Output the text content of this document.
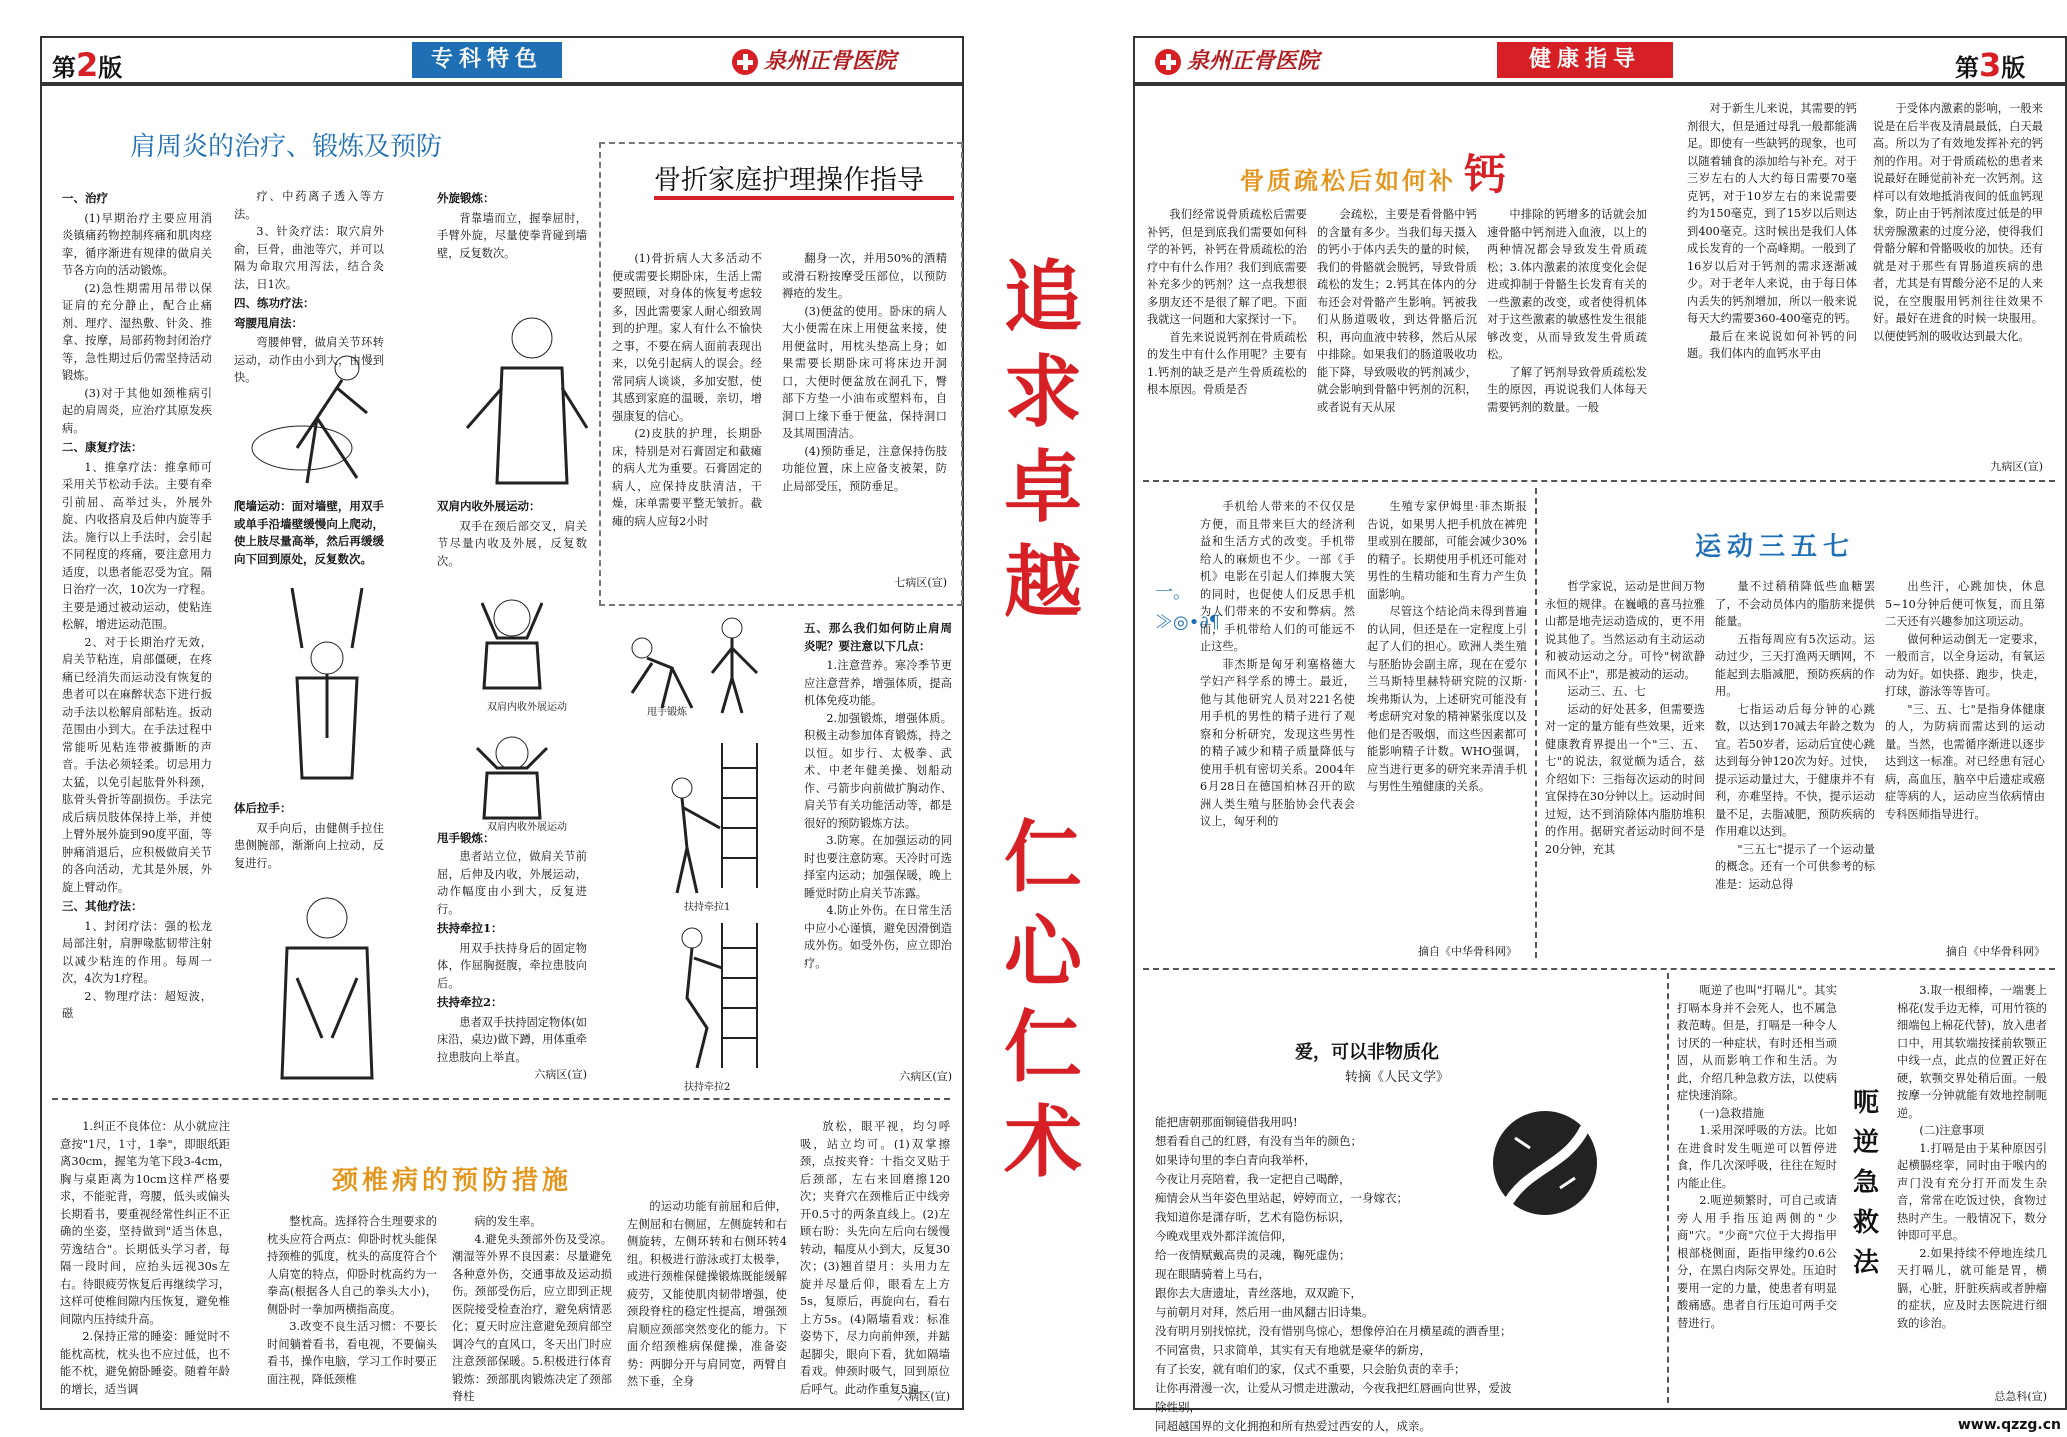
第2版	专科特色	泉州正骨医院
肩周炎的治疗、锻炼及预防
一、治疗

(1)早期治疗主要应用消炎镇痛药物控制疼痛和肌肉痉挛，循序渐进有规律的做肩关节各方向的活动锻炼。

(2)急性期需用吊带以保证肩的充分静止，配合止痛剂、理疗、湿热敷、针灸、推拿、按摩，局部药物封闭治疗等，急性期过后仍需坚持活动锻炼。

(3)对于其他如颈椎病引起的肩周炎，应治疗其原发疾病。

二、康复疗法：

1、推拿疗法：推拿师可采用关节松动手法。主要有牵引前屈、高举过头，外展外旋、内收搭肩及后伸内旋等手法。施行以上手法时，会引起不同程度的疼痛，要注意用力适度，以患者能忍受为宜。隔日治疗一次，10次为一疗程。主要是通过被动运动，使粘连松解，增进运动范围。

2、对于长期治疗无效，肩关节粘连，肩部僵硬，在疼痛已经消失而运动没有恢复的患者可以在麻醉状态下进行扳动手法以松解肩部粘连。扳动范围由小到大。在手法过程中常能听见粘连带被撕断的声音。手法必须轻柔。切忌用力太猛，以免引起肱骨外科颈，肱骨头骨折等副损伤。手法完成后病员肢体保持上举，并使上臂外展外旋到90度平面，等肿痛消退后，应积极做肩关节的各向活动，尤其是外展，外旋上臂动作。

三、其他疗法：

1、封闭疗法：强的松龙局部注射，肩胛喙肱韧带注射以减少粘连的作用。每周一次，4次为1疗程。

2、物理疗法：超短波，磁

疗、中药离子透入等方法。

3、针灸疗法：取穴肩外俞，巨骨，曲池等穴，并可以隔为命取穴用泻法，结合灸法，日1次。

四、练功疗法：
弯腰甩肩法：

弯腰伸臂，做肩关节环转运动，动作由小到大，由慢到快。

爬墙运动：面对墙壁，用双手或单手沿墙壁缓慢向上爬动，使上肢尽量高举，然后再缓缓向下回到原处，反复数次。
体后拉手：

双手向后，由健侧手拉住患侧腕部，渐渐向上拉动，反复进行。

外旋锻炼：

背靠墙而立，握拳屈肘，手臂外旋，尽量使拳背碰到墙壁，反复数次。

双肩内收外展运动：

双手在颈后部交叉，肩关节尽量内收及外展，反复数次。

甩手锻炼：

患者站立位，做肩关节前屈，后伸及内收，外展运动，动作幅度由小到大，反复进行。

扶持牵拉1：

用双手扶持身后的固定物体，作屈胸挺腹，牵拉患肢向后。

扶持牵拉2：

患者双手扶持固定物体(如床沿，桌边)做下蹲，用体重牵拉患肢向上举直。

六病区(宣)
双肩内收外展运动
双肩内收外展运动
骨折家庭护理操作指导

(1)骨折病人大多活动不便或需要长期卧床，生活上需要照顾，对身体的恢复考虑较多，因此需要家人耐心细致周到的护理。家人有什么不愉快之事，不要在病人面前表现出来，以免引起病人的误会。经常同病人谈谈，多加安慰，使其感到家庭的温暖，亲切，增强康复的信心。

(2)皮肤的护理，长期卧床，特别是对石膏固定和截瘫的病人尤为重要。石膏固定的病人，应保持皮肤清洁，干燥，床单需要平整无皱折。截瘫的病人应每2小时

翻身一次，并用50%的酒精或滑石粉按摩受压部位，以预防褥疮的发生。

(3)便盆的使用。卧床的病人大小便需在床上用便盆来接，使用便盆时，用枕头垫高上身；如果需要长期卧床可将床边开洞口，大便时便盆放在洞孔下，臀部下方垫一小油布或塑料布，自洞口上缘下垂于便盆，保持洞口及其周围清洁。

(4)预防垂足，注意保持伤肢功能位置，床上应备支被架，防止局部受压，预防垂足。

七病区(宣)
甩手锻炼
扶持牵拉1
扶持牵拉2
五、那么我们如何防止肩周炎呢？要注意以下几点：

1.注意营养。寒冷季节更应注意营养，增强体质，提高机体免疫功能。

2.加强锻炼，增强体质。积极主动参加体育锻炼，持之以恒。如步行、太极拳、武术、中老年健美操、划船动作、弓箭步向前做扩胸动作、肩关节有关功能活动等，都是很好的预防锻炼方法。

3.防寒。在加强运动的同时也要注意防寒。天冷时可选择室内运动；加强保暖，晚上睡觉时防止肩关节冻露。

4.防止外伤。在日常生活中应小心谨慎，避免因滑倒造成外伤。如受外伤，应立即治疗。

六病区(宣)
颈椎病的预防措施

1.纠正不良体位：从小就应注意按"1尺，1寸，1拳"，即眼纸距离30cm，握笔为笔下段3-4cm，胸与桌距离为10cm这样严格要求，不能驼背，弯腰，低头或偏头长期看书，要重视经常性纠正不正确的坐姿，坚持做到"适当休息，劳逸结合"。长期低头学习者，每隔一段时间，应抬头远视30s左右。待眼疲劳恢复后再继续学习，这样可使椎间隙内压恢复，避免椎间隙内压持续升高。

2.保持正常的睡姿：睡觉时不能枕高枕，枕头也不应过低，也不能不枕，避免俯卧睡姿。随着年龄的增长，适当调

整枕高。选择符合生理要求的枕头应符合两点：仰卧时枕头能保持颈椎的弧度，枕头的高度符合个人肩宽的特点，仰卧时枕高约为一拳高(根据各人自己的拳头大小)，侧卧时一拳加两横指高度。

3.改变不良生活习惯：不要长时间躺着看书，看电视，不要偏头看书，操作电脑，学习工作时要正面注视，降低颈椎

病的发生率。

4.避免头颈部外伤及受凉。潮湿等外界不良因素：尽量避免各种意外伤，交通事故及运动损伤。颈部受伤后，应立即到正规医院接受检查治疗，避免病情恶化；夏天时应注意避免颈肩部空调冷气的直风口，冬天出门时应注意颈部保暖。5.积极进行体育锻炼：颈部肌肉锻炼决定了颈部脊柱

的运动功能有前屈和后伸，左侧屈和右侧屈，左侧旋转和右侧旋转，左侧环转和右侧环转4组。积极进行游泳或打太极拳，或进行颈椎保健操锻炼既能缓解疲劳，又能使肌肉韧带增强，使颈段脊柱的稳定性提高，增强颈肩顺应颈部突然变化的能力。下面介绍颈椎病保健操，准备姿势：两脚分开与肩同宽，两臂自然下垂，全身

放松，眼平视，均匀呼吸，站立均可。(1)双掌擦颈，点按夹脊：十指交叉贴于后颈部，左右来回磨擦120次；夹脊穴在颈椎后正中线旁开0.5寸的两条直线上。(2)左顾右盼：头先向左后向右缓慢转动，幅度从小到大，反复30次；(3)翘首望月：头用力左旋并尽量后仰，眼看左上方5s，复原后，再旋向右，看右上方5s。(4)隔墙看戏：标准姿势下，尽力向前伸颈，并踮起脚尖，眼向下看，犹如隔墙看戏。伸颈时吸气，回到原位后呼气。此动作重复5遍。

六病区(宣)
追求卓越
仁心仁术
泉州正骨医院	健康指导	第3版
骨质疏松后如何补 钙

我们经常说骨质疏松后需要补钙，但是到底我们需要如何科学的补钙，补钙在骨质疏松的治疗中有什么作用？我们到底需要补充多少的钙剂？这一点我想很多朋友还不是很了解了吧。下面我就这一问题和大家探讨一下。

首先来说说钙剂在骨质疏松的发生中有什么作用呢？主要有1.钙剂的缺乏是产生骨质疏松的根本原因。骨质是否

会疏松，主要是看骨骼中钙的含量有多少。当我们每天摄入的钙小于体内丢失的量的时候，我们的骨骼就会脱钙，导致骨质疏松的发生；2.钙其在体内的分布还会对骨骼产生影响。钙被我们从肠道吸收，到达骨骼后沉积，再向血液中转移，然后从尿中排除。如果我们的肠道吸收功能下降，导致吸收的钙剂减少，就会影响到骨骼中钙剂的沉积，或者说有天从尿

中排除的钙增多的话就会加速骨骼中钙剂进入血液，以上的两种情况都会导致发生骨质疏松；3.体内激素的浓度变化会促进或抑制于骨骼生长发育有关的一些激素的改变，或者使得机体对于这些激素的敏感性发生很能够改变，从而导致发生骨质疏松。

了解了钙剂导致骨质疏松发生的原因，再说说我们人体每天需要钙剂的数量。一般

对于新生儿来说，其需要的钙剂很大，但是通过母乳一般都能满足。即使有一些缺钙的现象，也可以随着辅食的添加给与补充。对于三岁左右的人大约每日需要70毫克钙，对于10岁左右的来说需要约为150毫克，到了15岁以后则达到400毫克。这时候出是我们人体成长发育的一个高峰期。一般到了16岁以后对于钙剂的需求逐渐减少。对于老年人来说，由于每日体内丢失的钙剂增加，所以一般来说每天大约需要360-400毫克的钙。

最后在来说说如何补钙的问题。我们体内的血钙水平由

于受体内激素的影响，一般来说是在后半夜及清晨最低，白天最高。所以为了有效地发挥补充的钙剂的作用。对于骨质疏松的患者来说最好在睡觉前补充一次钙剂。这样可以有效地抵消夜间的低血钙现象，防止由于钙剂浓度过低是的甲状旁腺激素的过度分泌，使得我们骨骼分解和骨骼吸收的加快。还有就是对于那些有胃肠道疾病的患者，尤其是有胃酸分泌不足的人来说，在空腹服用钙剂往往效果不好。最好在进食的时候一块服用。以便使钙剂的吸收达到最大化。

九病区(宣)
一。≫◎•∂¶

手机给人带来的不仅仅是方便，而且带来巨大的经济利益和生活方式的改变。手机带给人的麻烦也不少。一部《手机》电影在引起人们捧腹大笑的同时，也促使人们反思手机为人们带来的不安和弊病。然而，手机带给人们的可能远不止这些。

菲杰斯是匈牙利塞格德大学妇产科学系的博士。最近，他与其他研究人员对221名使用手机的男性的精子进行了观察和分析研究，发现这些男性的精子减少和精子质量降低与使用手机有密切关系。2004年6月28日在德国柏林召开的欧洲人类生殖与胚胎协会代表会议上，匈牙利的

生殖专家伊姆里·菲杰斯报告说，如果男人把手机放在裤兜里或别在腰部，可能会减少30%的精子。长期使用手机还可能对男性的生精功能和生育力产生负面影响。

尽管这个结论尚未得到普遍的认同，但还是在一定程度上引起了人们的担心。欧洲人类生殖与胚胎协会副主席，现在在爱尔兰马斯特里赫特研究院的汉斯·埃弗斯认为，上述研究可能没有考虑研究对象的精神紧张度以及他们是否吸烟，而这些因素都可能影响精子计数。WHO强调，应当进行更多的研究来弄清手机与男性生殖健康的关系。

摘自《中华骨科网》
运动三五七

哲学家说，运动是世间万物永恒的规律。在巍峨的喜马拉雅山都是地壳运动造成的，更不用说其他了。当然运动有主动运动和被动运动之分。可怜"树欲静而风不止"，那是被动的运动。

运动三、五、七

运动的好处甚多，但需要选对一定的量方能有些效果，近来健康教育界提出一个"三、五、七"的说法，叙觉颇为适合，兹介绍如下：三指每次运动的时间宜保持在30分钟以上。运动时间过短，达不到消除体内脂肪堆积的作用。据研究者运动时间不是20分钟，充其

量不过稍稍降低些血糖罢了，不会动员体内的脂肪来提供能量。

五指每周应有5次运动。运动过少，三天打渔两天晒网，不能起到去脂减肥，预防疾病的作用。

七指运动后每分钟的心跳数，以达到170减去年龄之数为宜。若50岁者，运动后宜使心跳达到每分钟120次为好。过快，提示运动量过大，于健康并不有利，亦难坚持。不快，提示运动量不足，去脂减肥，预防疾病的作用难以达到。

"三五七"提示了一个运动量的概念。还有一个可供参考的标准是：运动总得

出些汗，心跳加快，休息5~10分钟后便可恢复，而且第二天还有兴趣参加这项运动。

做何种运动倒无一定要求，一般而言，以全身运动，有氧运动为好。如快搽、跑步，快走，打球，游泳等等皆可。

"三、五、七"是指身体健康的人，为防病而需达到的运动量。当然，也需循序渐进以逐步达到这一标准。对已经患有冠心病，高血压，脑卒中后遗症或癌症等病的人，运动应当依病情由专科医师指导进行。

摘自《中华骨科网》
爱，可以非物质化
转摘《人民文学》

能把唐朝那面铜镜借我用吗!

想看看自己的红唇，有没有当年的颜色；

如果诗句里的李白青向我举杯，

今夜让月亮陪着，我一定把自己喝醉，

痴情会从当年姿色里站起，婷婷而立，一身嫁衣；

我知道你是潇存昕，艺术有隐伤标识，

今晚戏里戏外都洋流信仰，

给一夜情赋戴高贵的灵魂，鞠死虚伪；

现在眼睛骑着上马右，

跟你去大唐遗址，青丝落地，双双跪下，

与前朝月对拜，然后用一曲风翻古旧诗集。

没有明月别找惊扰，没有惜别鸟惊心，想像停泊在月横星疏的酒香里；

不同富贵，只求简单，其实有天有地就是豪华的新房，

有了长安，就有咱们的家，仅式不重要，只会胎负责的幸手；

让你再滑漫一次，让爱从习惯走进激动，今夜我把红唇画向世界，爱波除性别，

同超越国界的文化拥抱和所有热爱过西安的人，成亲。

呃逆了也叫"打嗝儿"。其实打嗝本身并不会死人，也不属急救范畴。但是，打嗝是一种令人讨厌的一种症状，有时还相当顽固，从而影响工作和生活。为此，介绍几种急救方法，以使病症快速消除。

(一)急救措施

1.采用深呼吸的方法。比如在进食时发生呃逆可以暂停进食，作几次深呼吸，往往在短时内能止住。

2.呃逆频繁时，可自己或请旁人用手指压迫两侧的"少商"穴。"少商"穴位于大拇指甲根部桡侧面，距指甲缘约0.6公分，在黑白肉际交界处。压迫时要用一定的力量，使患者有明显酸痛感。患者自行压迫可两手交替进行。

呃逆急救法

3.取一根细棒，一端裹上棉花(发手边无棒，可用竹筷的细端包上棉花代替)，放入患者口中，用其软端按揉前软颚正中线一点，此点的位置正好在硬，软颚交界处稍后面。一般按摩一分钟就能有效地控制呃逆。

(二)注意事项

1.打嗝是由于某种原因引起横膈痉挛，同时由于喉内的声门没有充分打开而发生杂音，常常在吃饭过快，食物过热时产生。一般情况下，数分钟即可平息。

2.如果持续不停地连续几天打嗝儿，就可能是胃，横膈，心脏，肝脏疾病或者肿瘤的症状，应及时去医院进行细致的诊治。

总急科(宣)
www.qzzg.cn
